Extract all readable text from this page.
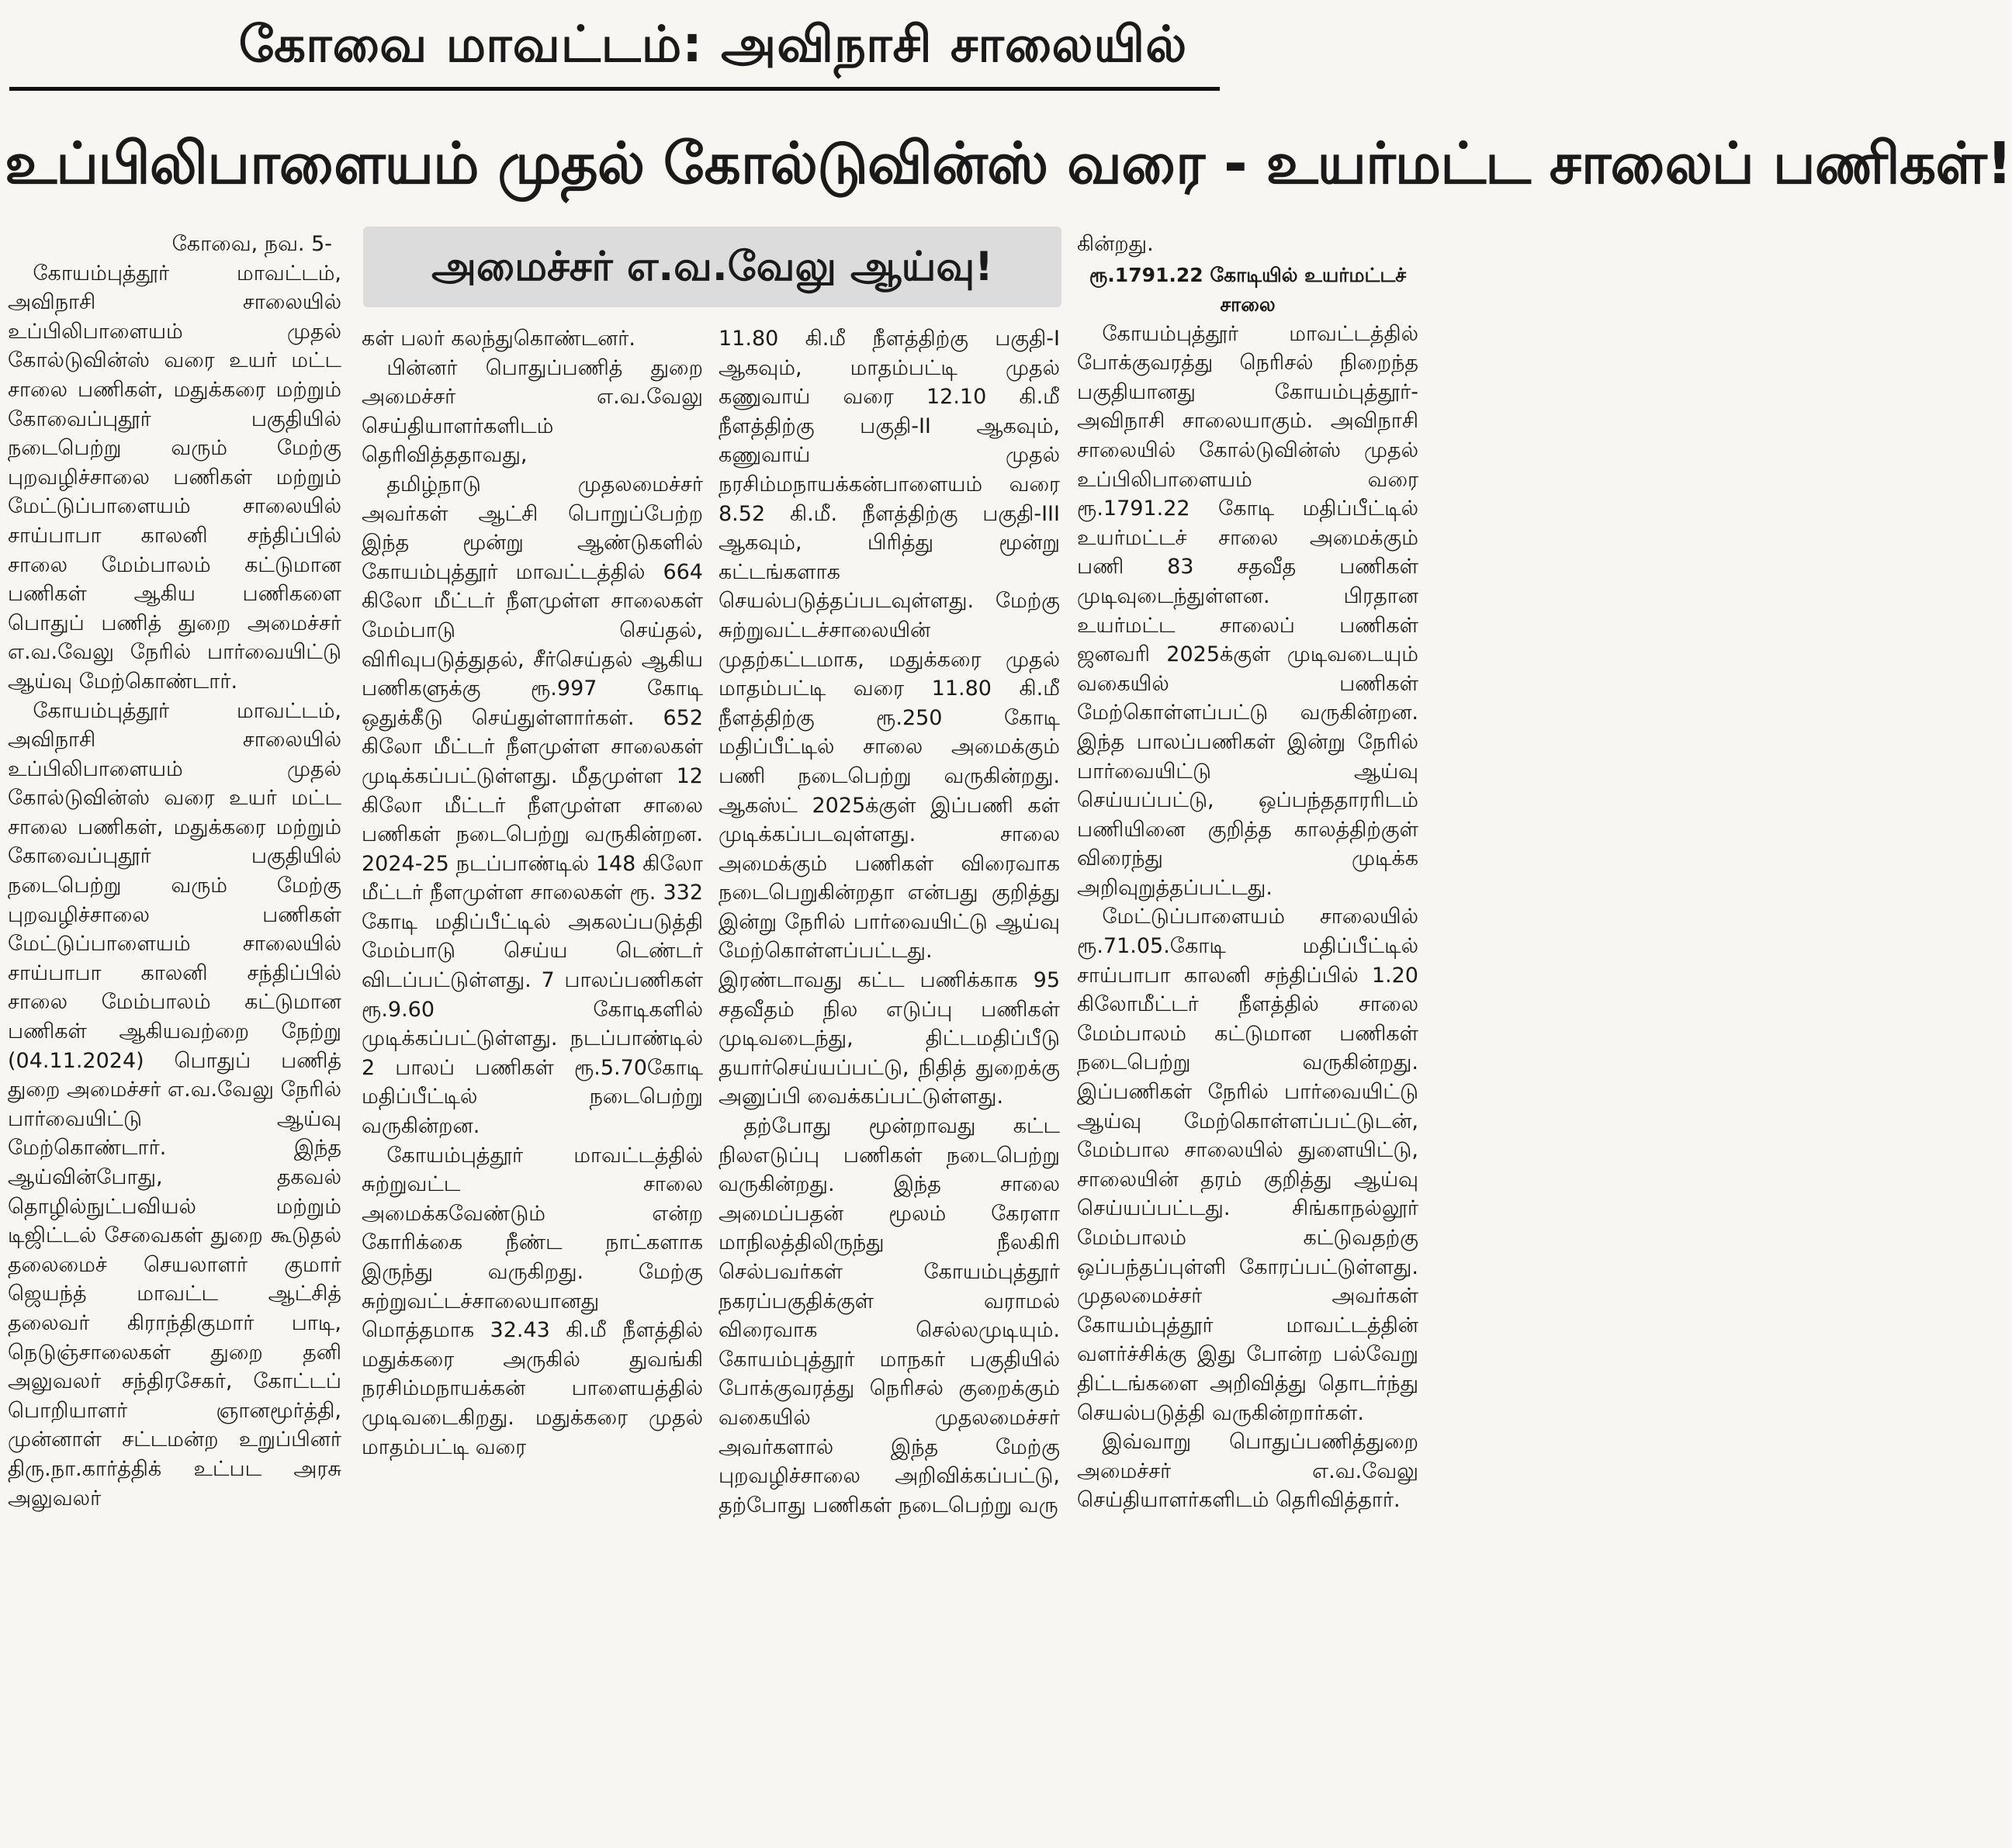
கோவை மாவட்டம்: அவிநாசி சாலையில்
உப்பிலிபாளையம் முதல் கோல்டுவின்ஸ் வரை - உயர்மட்ட சாலைப் பணிகள்!
அமைச்சர் எ.வ.வேலு ஆய்வு!

கோவை, நவ. 5-

கோயம்புத்தூர் மாவட்டம், அவிநாசி சாலையில் உப்பிலிபாளையம் முதல் கோல்டுவின்ஸ் வரை உயர் மட்ட சாலை பணிகள், மதுக்கரை மற்றும் கோவைப்புதூர் பகுதியில் நடைபெற்று வரும் மேற்கு புறவழிச்சாலை பணிகள் மற்றும் மேட்டுப்பாளையம் சாலையில் சாய்பாபா காலனி சந்திப்பில் சாலை மேம்பாலம் கட்டுமான பணிகள் ஆகிய பணிகளை பொதுப் பணித் துறை அமைச்சர் எ.வ.வேலு நேரில் பார்வையிட்டு ஆய்வு மேற்கொண்டார்.

கோயம்புத்தூர் மாவட்டம், அவிநாசி சாலையில் உப்பிலிபாளையம் முதல் கோல்டுவின்ஸ் வரை உயர் மட்ட சாலை பணிகள், மதுக்கரை மற்றும் கோவைப்புதூர் பகுதியில் நடைபெற்று வரும் மேற்கு புறவழிச்சாலை பணிகள் மேட்டுப்பாளையம் சாலையில் சாய்பாபா காலனி சந்திப்பில் சாலை மேம்பாலம் கட்டுமான பணிகள் ஆகியவற்றை நேற்று (04.11.2024) பொதுப் பணித் துறை அமைச்சர் எ.வ.வேலு நேரில் பார்வையிட்டு ஆய்வு மேற்கொண்டார். இந்த ஆய்வின்போது, தகவல் தொழில்நுட்பவியல் மற்றும் டிஜிட்டல் சேவைகள் துறை கூடுதல் தலைமைச் செயலாளர் குமார் ஜெயந்த் மாவட்ட ஆட்சித் தலைவர் கிராந்திகுமார் பாடி, நெடுஞ்சாலைகள் துறை தனி அலுவலர் சந்திரசேகர், கோட்டப் பொறியாளர் ஞானமூர்த்தி, முன்னாள் சட்டமன்ற உறுப்பினர் திரு.நா.கார்த்திக் உட்பட அரசு அலுவலர்

கள் பலர் கலந்துகொண்டனர்.

பின்னர் பொதுப்பணித் துறை அமைச்சர் எ.வ.வேலு செய்தியாளர்களிடம் தெரிவித்ததாவது,

தமிழ்நாடு முதலமைச்சர் அவர்கள் ஆட்சி பொறுப்பேற்ற இந்த மூன்று ஆண்டுகளில் கோயம்புத்தூர் மாவட்டத்தில் 664 கிலோ மீட்டர் நீளமுள்ள சாலைகள் மேம்பாடு செய்தல், விரிவுபடுத்துதல், சீர்செய்தல் ஆகிய பணிகளுக்கு ரூ.997 கோடி ஒதுக்கீடு செய்துள்ளார்கள். 652 கிலோ மீட்டர் நீளமுள்ள சாலைகள் முடிக்கப்பட்டுள்ளது. மீதமுள்ள 12 கிலோ மீட்டர் நீளமுள்ள சாலை பணிகள் நடைபெற்று வருகின்றன. 2024-25 நடப்பாண்டில் 148 கிலோ மீட்டர் நீளமுள்ள சாலைகள் ரூ. 332 கோடி மதிப்பீட்டில் அகலப்படுத்தி மேம்பாடு செய்ய டெண்டர் விடப்பட்டுள்ளது. 7 பாலப்பணிகள் ரூ.9.60 கோடிகளில் முடிக்கப்பட்டுள்ளது. நடப்பாண்டில் 2 பாலப் பணிகள் ரூ.5.70கோடி மதிப்பீட்டில் நடைபெற்று வருகின்றன.

கோயம்புத்தூர் மாவட்டத்தில் சுற்றுவட்ட சாலை அமைக்கவேண்டும் என்ற கோரிக்கை நீண்ட நாட்களாக இருந்து வருகிறது. மேற்கு சுற்றுவட்டச்சாலையானது மொத்தமாக 32.43 கி.மீ நீளத்தில் மதுக்கரை அருகில் துவங்கி நரசிம்மநாயக்கன் பாளையத்தில் முடிவடைகிறது. மதுக்கரை முதல் மாதம்பட்டி வரை

11.80 கி.மீ நீளத்திற்கு பகுதி-I ஆகவும், மாதம்பட்டி முதல் கணுவாய் வரை 12.10 கி.மீ நீளத்திற்கு பகுதி-II ஆகவும், கணுவாய் முதல் நரசிம்மநாயக்கன்பாளையம் வரை 8.52 கி.மீ. நீளத்திற்கு பகுதி-III ஆகவும், பிரித்து மூன்று கட்டங்களாக செயல்படுத்தப்படவுள்ளது. மேற்கு சுற்றுவட்டச்சாலையின் முதற்கட்டமாக, மதுக்கரை முதல் மாதம்பட்டி வரை 11.80 கி.மீ நீளத்திற்கு ரூ.250 கோடி மதிப்பீட்டில் சாலை அமைக்கும் பணி நடைபெற்று வருகின்றது. ஆகஸ்ட் 2025க்குள் இப்பணி கள் முடிக்கப்படவுள்ளது. சாலை அமைக்கும் பணிகள் விரைவாக நடைபெறுகின்றதா என்பது குறித்து இன்று நேரில் பார்வையிட்டு ஆய்வு மேற்கொள்ளப்பட்டது. இரண்டாவது கட்ட பணிக்காக 95 சதவீதம் நில எடுப்பு பணிகள் முடிவடைந்து, திட்டமதிப்பீடு தயார்செய்யப்பட்டு, நிதித் துறைக்கு அனுப்பி வைக்கப்பட்டுள்ளது.

தற்போது மூன்றாவது கட்ட நிலஎடுப்பு பணிகள் நடைபெற்று வருகின்றது. இந்த சாலை அமைப்பதன் மூலம் கேரளா மாநிலத்திலிருந்து நீலகிரி செல்பவர்கள் கோயம்புத்தூர் நகரப்பகுதிக்குள் வராமல் விரைவாக செல்லமுடியும். கோயம்புத்தூர் மாநகர் பகுதியில் போக்குவரத்து நெரிசல் குறைக்கும் வகையில் முதலமைச்சர் அவர்களால் இந்த மேற்கு புறவழிச்சாலை அறிவிக்கப்பட்டு, தற்போது பணிகள் நடைபெற்று வரு

கின்றது.

ரூ.1791.22 கோடியில் உயர்மட்டச் சாலை

கோயம்புத்தூர் மாவட்டத்தில் போக்குவரத்து நெரிசல் நிறைந்த பகுதியானது கோயம்புத்தூர்-அவிநாசி சாலையாகும். அவிநாசி சாலையில் கோல்டுவின்ஸ் முதல் உப்பிலிபாளையம் வரை ரூ.1791.22 கோடி மதிப்பீட்டில் உயர்மட்டச் சாலை அமைக்கும் பணி 83 சதவீத பணிகள் முடிவுடைந்துள்ளன. பிரதான உயர்மட்ட சாலைப் பணிகள் ஜனவரி 2025க்குள் முடிவடையும் வகையில் பணிகள் மேற்கொள்ளப்பட்டு வருகின்றன. இந்த பாலப்பணிகள் இன்று நேரில் பார்வையிட்டு ஆய்வு செய்யப்பட்டு, ஒப்பந்ததாரரிடம் பணியினை குறித்த காலத்திற்குள் விரைந்து முடிக்க அறிவுறுத்தப்பட்டது.

மேட்டுப்பாளையம் சாலையில் ரூ.71.05.கோடி மதிப்பீட்டில் சாய்பாபா காலனி சந்திப்பில் 1.20 கிலோமீட்டர் நீளத்தில் சாலை மேம்பாலம் கட்டுமான பணிகள் நடைபெற்று வருகின்றது. இப்பணிகள் நேரில் பார்வையிட்டு ஆய்வு மேற்கொள்ளப்பட்டுடன், மேம்பால சாலையில் துளையிட்டு, சாலையின் தரம் குறித்து ஆய்வு செய்யப்பட்டது. சிங்காநல்லூர் மேம்பாலம் கட்டுவதற்கு ஒப்பந்தப்புள்ளி கோரப்பட்டுள்ளது. முதலமைச்சர் அவர்கள் கோயம்புத்தூர் மாவட்டத்தின் வளர்ச்சிக்கு இது போன்ற பல்வேறு திட்டங்களை அறிவித்து தொடர்ந்து செயல்படுத்தி வருகின்றார்கள்.

இவ்வாறு பொதுப்பணித்துறை அமைச்சர் எ.வ.வேலு செய்தியாளர்களிடம் தெரிவித்தார்.
